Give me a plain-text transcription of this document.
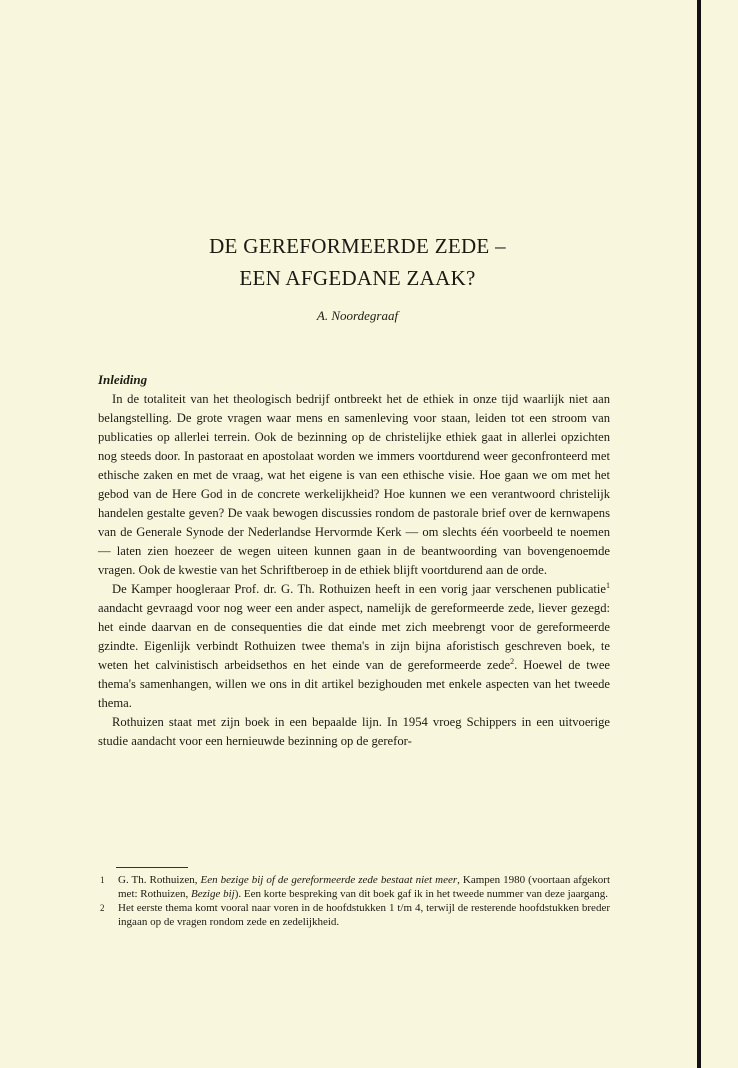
DE GEREFORMEERDE ZEDE –
EEN AFGEDANE ZAAK?
A. Noordegraaf
Inleiding

In de totaliteit van het theologisch bedrijf ontbreekt het de ethiek in onze tijd waarlijk niet aan belangstelling. De grote vragen waar mens en samenleving voor staan, leiden tot een stroom van publicaties op allerlei terrein. Ook de bezinning op de christelijke ethiek gaat in allerlei opzichten nog steeds door. In pastoraat en apostolaat worden we immers voortdurend weer geconfronteerd met ethische zaken en met de vraag, wat het eigene is van een ethische visie. Hoe gaan we om met het gebod van de Here God in de concrete werkelijkheid? Hoe kunnen we een verantwoord christelijk handelen gestalte geven? De vaak bewogen discussies rondom de pastorale brief over de kernwapens van de Generale Synode der Nederlandse Hervormde Kerk — om slechts één voorbeeld te noemen — laten zien hoezeer de wegen uiteen kunnen gaan in de beantwoording van bovengenoemde vragen. Ook de kwestie van het Schriftberoep in de ethiek blijft voortdurend aan de orde.

De Kamper hoogleraar Prof. dr. G. Th. Rothuizen heeft in een vorig jaar verschenen publicatie$^1$ aandacht gevraagd voor nog weer een ander aspect, namelijk de gereformeerde zede, liever gezegd: het einde daarvan en de consequenties die dat einde met zich meebrengt voor de gereformeerde gzindte. Eigenlijk verbindt Rothuizen twee thema's in zijn bijna aforistisch geschreven boek, te weten het calvinistisch arbeidsethos en het einde van de gereformeerde zede$^2$. Hoewel de twee thema's samenhangen, willen we ons in dit artikel bezighouden met enkele aspecten van het tweede thema.

Rothuizen staat met zijn boek in een bepaalde lijn. In 1954 vroeg Schippers in een uitvoerige studie aandacht voor een hernieuwde bezinning op de gerefor-

1	G. Th. Rothuizen, Een bezige bij of de gereformeerde zede bestaat niet meer, Kampen 1980 (voortaan afgekort met: Rothuizen, Bezige bij). Een korte bespreking van dit boek gaf ik in het tweede nummer van deze jaargang.
2	Het eerste thema komt vooral naar voren in de hoofdstukken 1 t/m 4, terwijl de resterende hoofdstukken breder ingaan op de vragen rondom zede en zedelijkheid.
